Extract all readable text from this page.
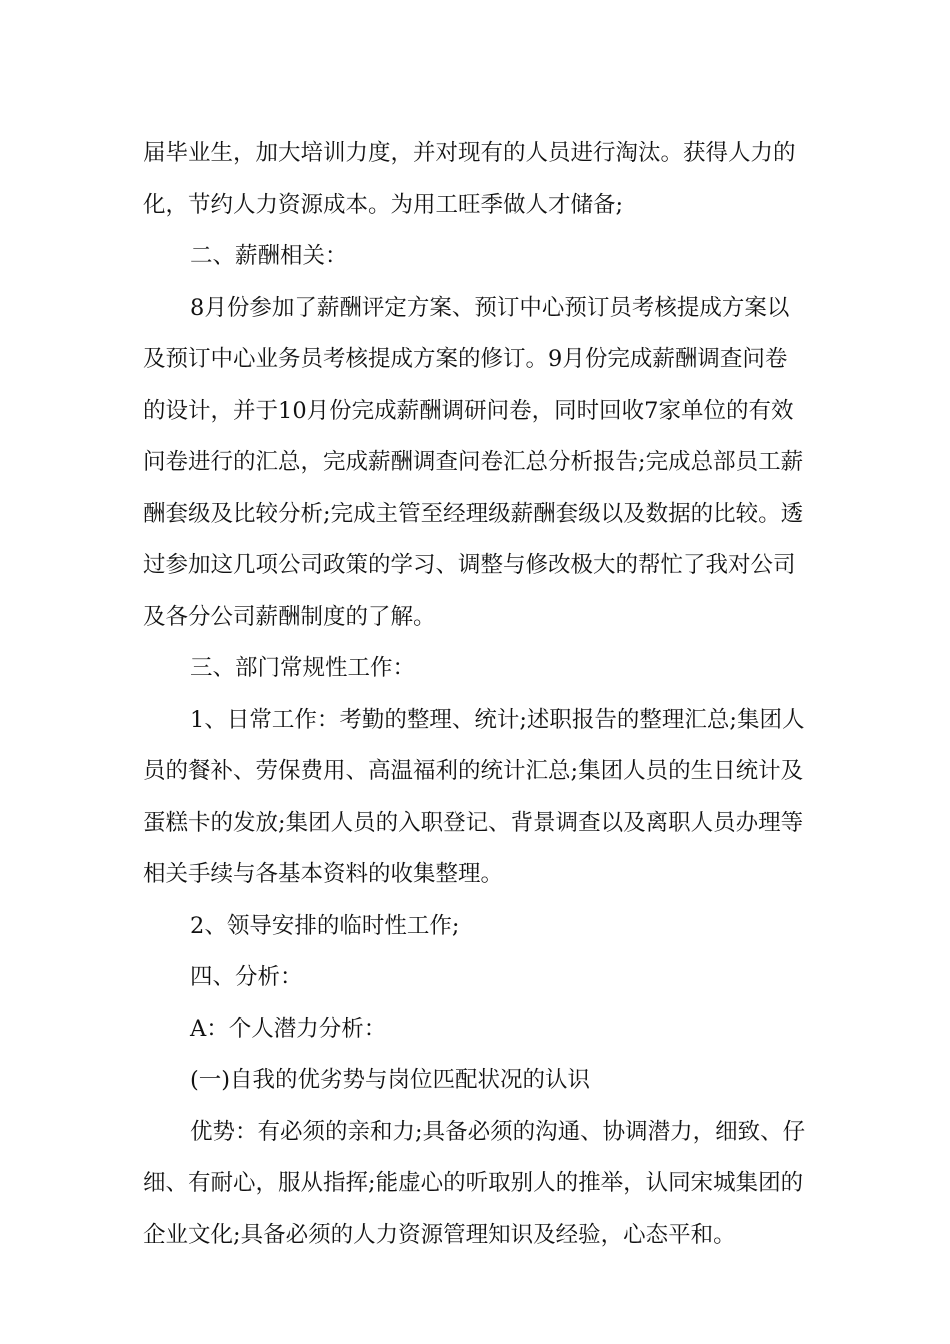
届毕业生，加大培训力度，并对现有的人员进行淘汰。获得人力的
化，节约人力资源成本。为用工旺季做人才储备;
二、薪酬相关：
8月份参加了薪酬评定方案、预订中心预订员考核提成方案以
及预订中心业务员考核提成方案的修订。9月份完成薪酬调查问卷
的设计，并于10月份完成薪酬调研问卷，同时回收7家单位的有效
问卷进行的汇总，完成薪酬调查问卷汇总分析报告;完成总部员工薪
酬套级及比较分析;完成主管至经理级薪酬套级以及数据的比较。透
过参加这几项公司政策的学习、调整与修改极大的帮忙了我对公司
及各分公司薪酬制度的了解。
三、部门常规性工作：
1、日常工作：考勤的整理、统计;述职报告的整理汇总;集团人
员的餐补、劳保费用、高温福利的统计汇总;集团人员的生日统计及
蛋糕卡的发放;集团人员的入职登记、背景调查以及离职人员办理等
相关手续与各基本资料的收集整理。
2、领导安排的临时性工作;
四、分析：
A：个人潜力分析：
(一)自我的优劣势与岗位匹配状况的认识
优势：有必须的亲和力;具备必须的沟通、协调潜力，细致、仔
细、有耐心，服从指挥;能虚心的听取别人的推举，认同宋城集团的
企业文化;具备必须的人力资源管理知识及经验，心态平和。
